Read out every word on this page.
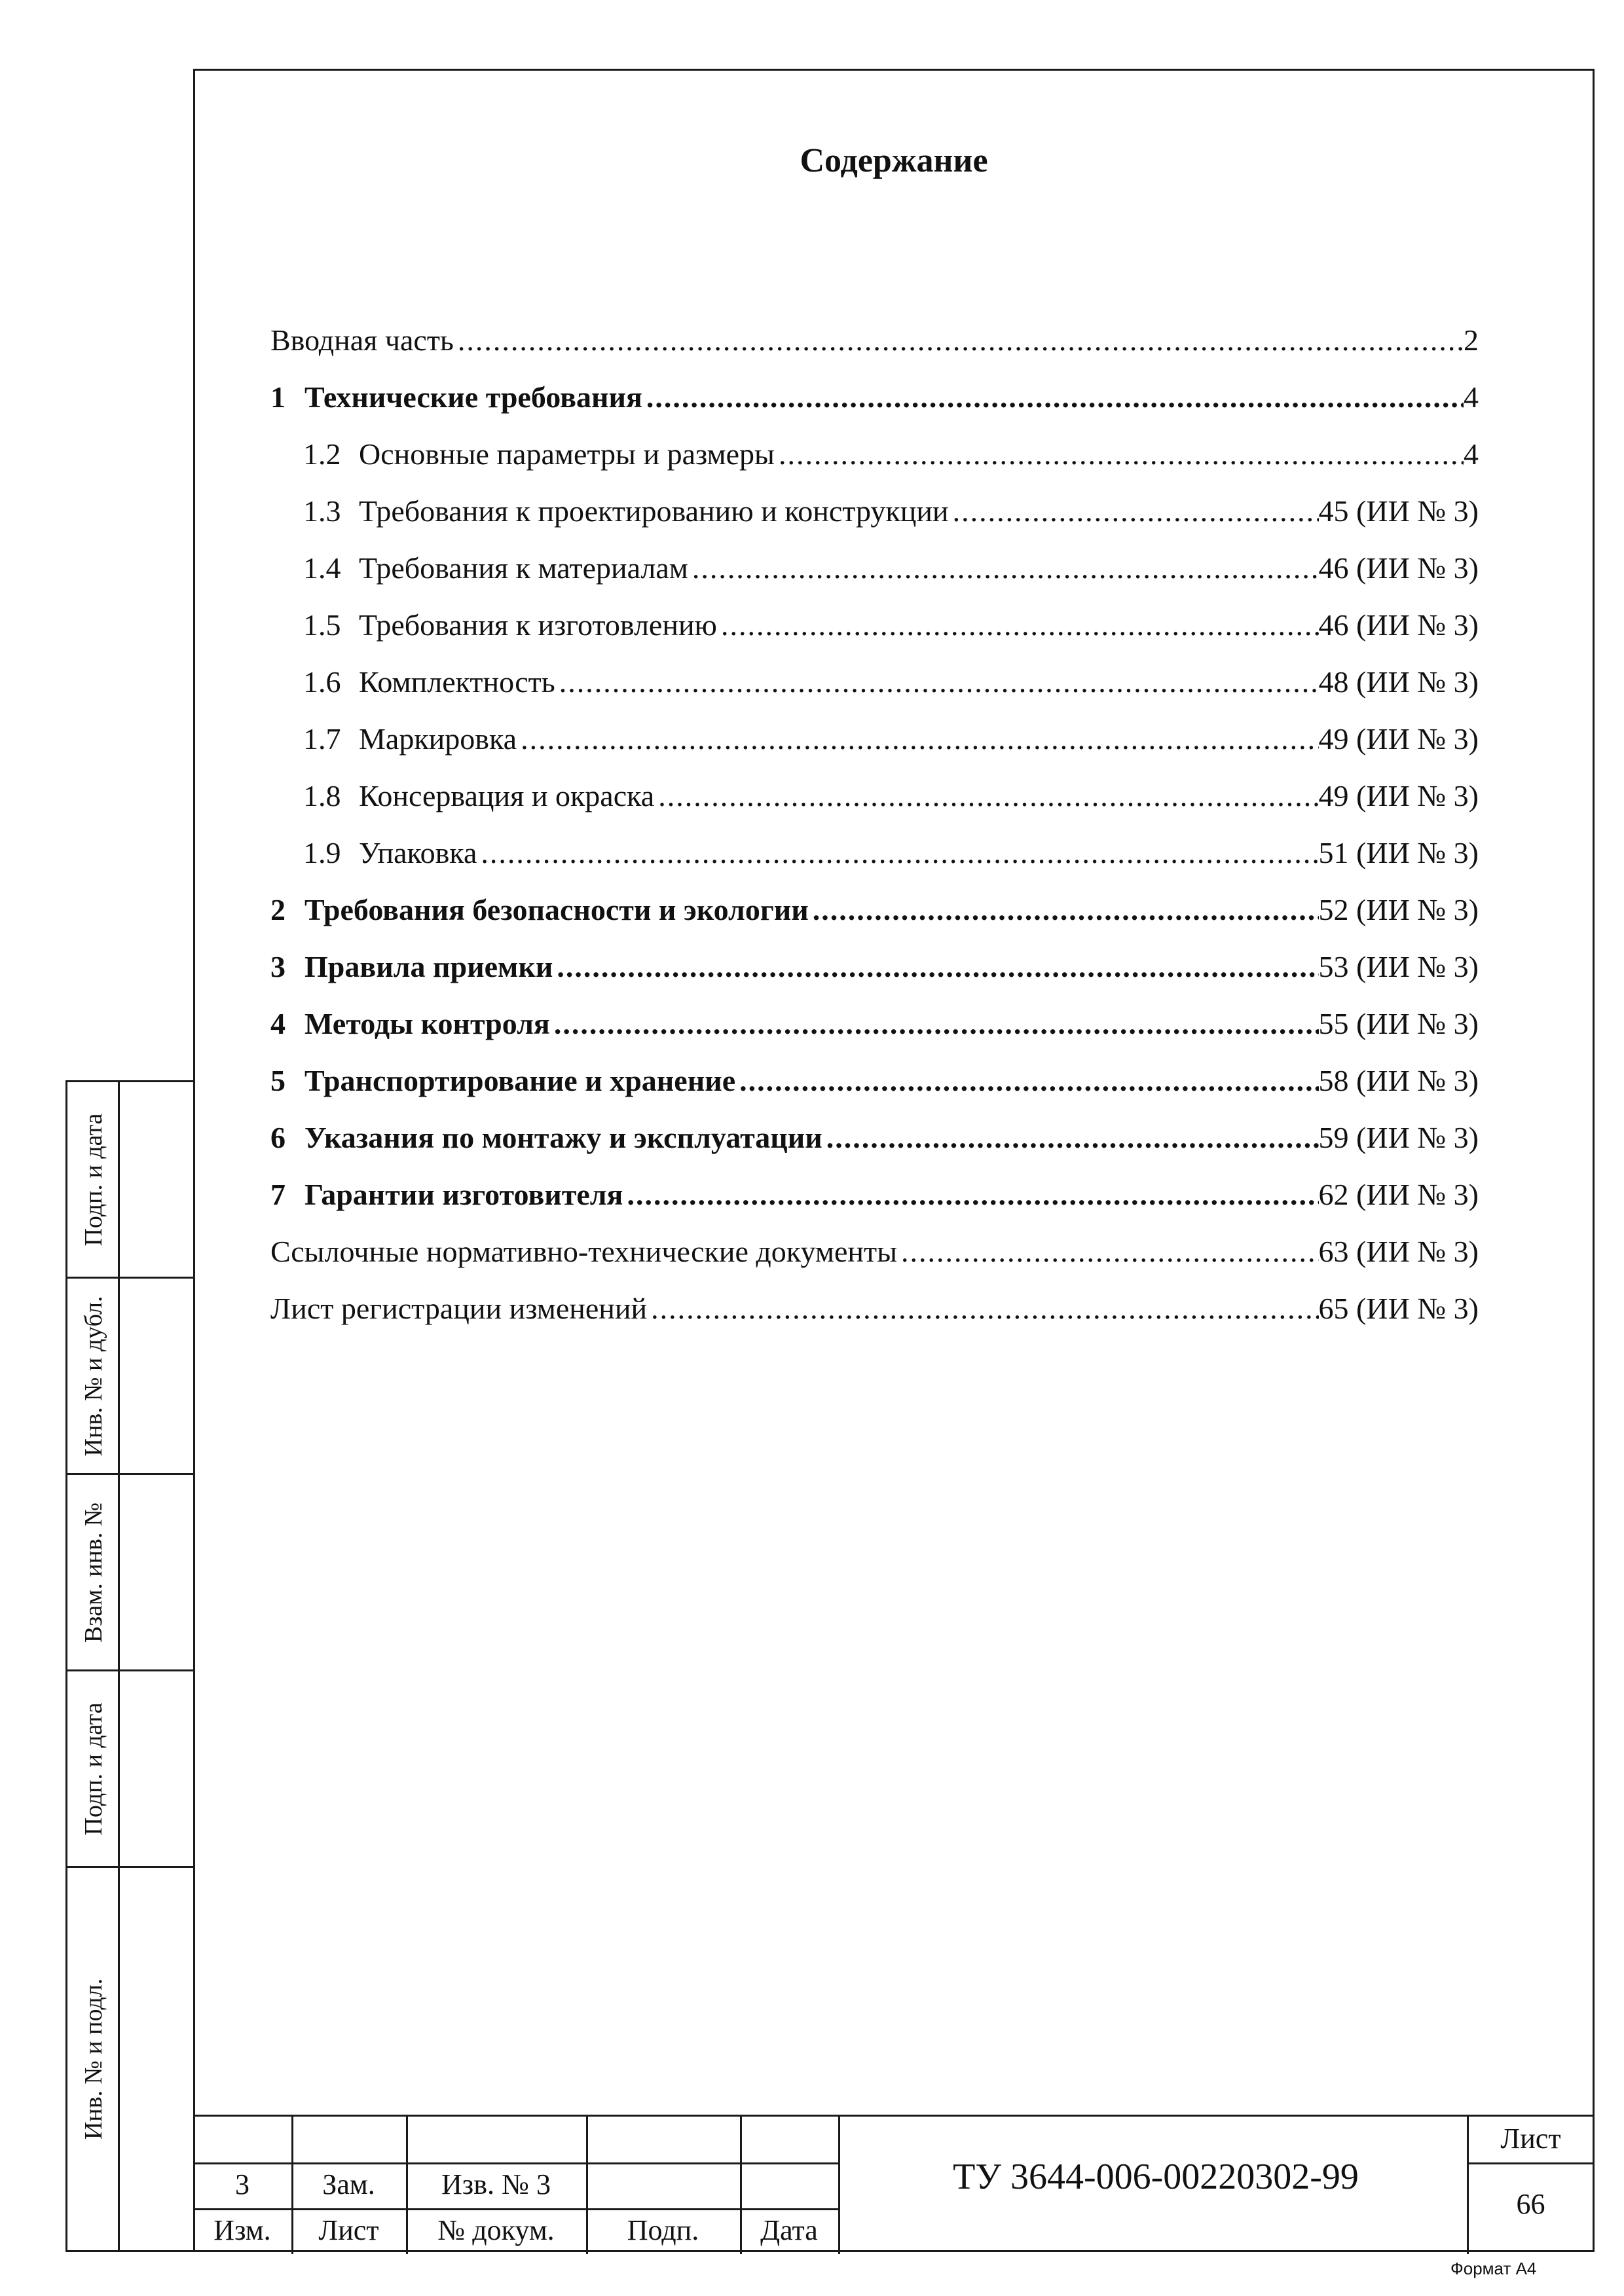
Содержание
Вводная часть .....	2
1 Технические требования .....	4
1.2 Основные параметры и размеры .....	4
1.3 Требования к проектированию и конструкции .....	45 (ИИ № 3)
1.4 Требования к материалам .....	46 (ИИ № 3)
1.5 Требования к изготовлению .....	46 (ИИ № 3)
1.6 Комплектность .....	48 (ИИ № 3)
1.7 Маркировка .....	49 (ИИ № 3)
1.8 Консервация и окраска .....	49 (ИИ № 3)
1.9 Упаковка .....	51 (ИИ № 3)
2 Требования безопасности и экологии .....	52 (ИИ № 3)
3 Правила приемки .....	53 (ИИ № 3)
4 Методы контроля .....	55 (ИИ № 3)
5 Транспортирование и хранение .....	58 (ИИ № 3)
6 Указания по монтажу и эксплуатации .....	59 (ИИ № 3)
7 Гарантии изготовителя .....	62 (ИИ № 3)
Ссылочные нормативно-технические документы .....	63 (ИИ № 3)
Лист регистрации изменений .....	65 (ИИ № 3)
Подп. и дата
Инв. № и дубл.
Взам. инв. №
Подп. и дата
Инв. № и подл.
3	Зам.	Изв. № 3
Изм.	Лист	№ докум.	Подп.	Дата
ТУ 3644-006-00220302-99
Лист
66
Формат А4
